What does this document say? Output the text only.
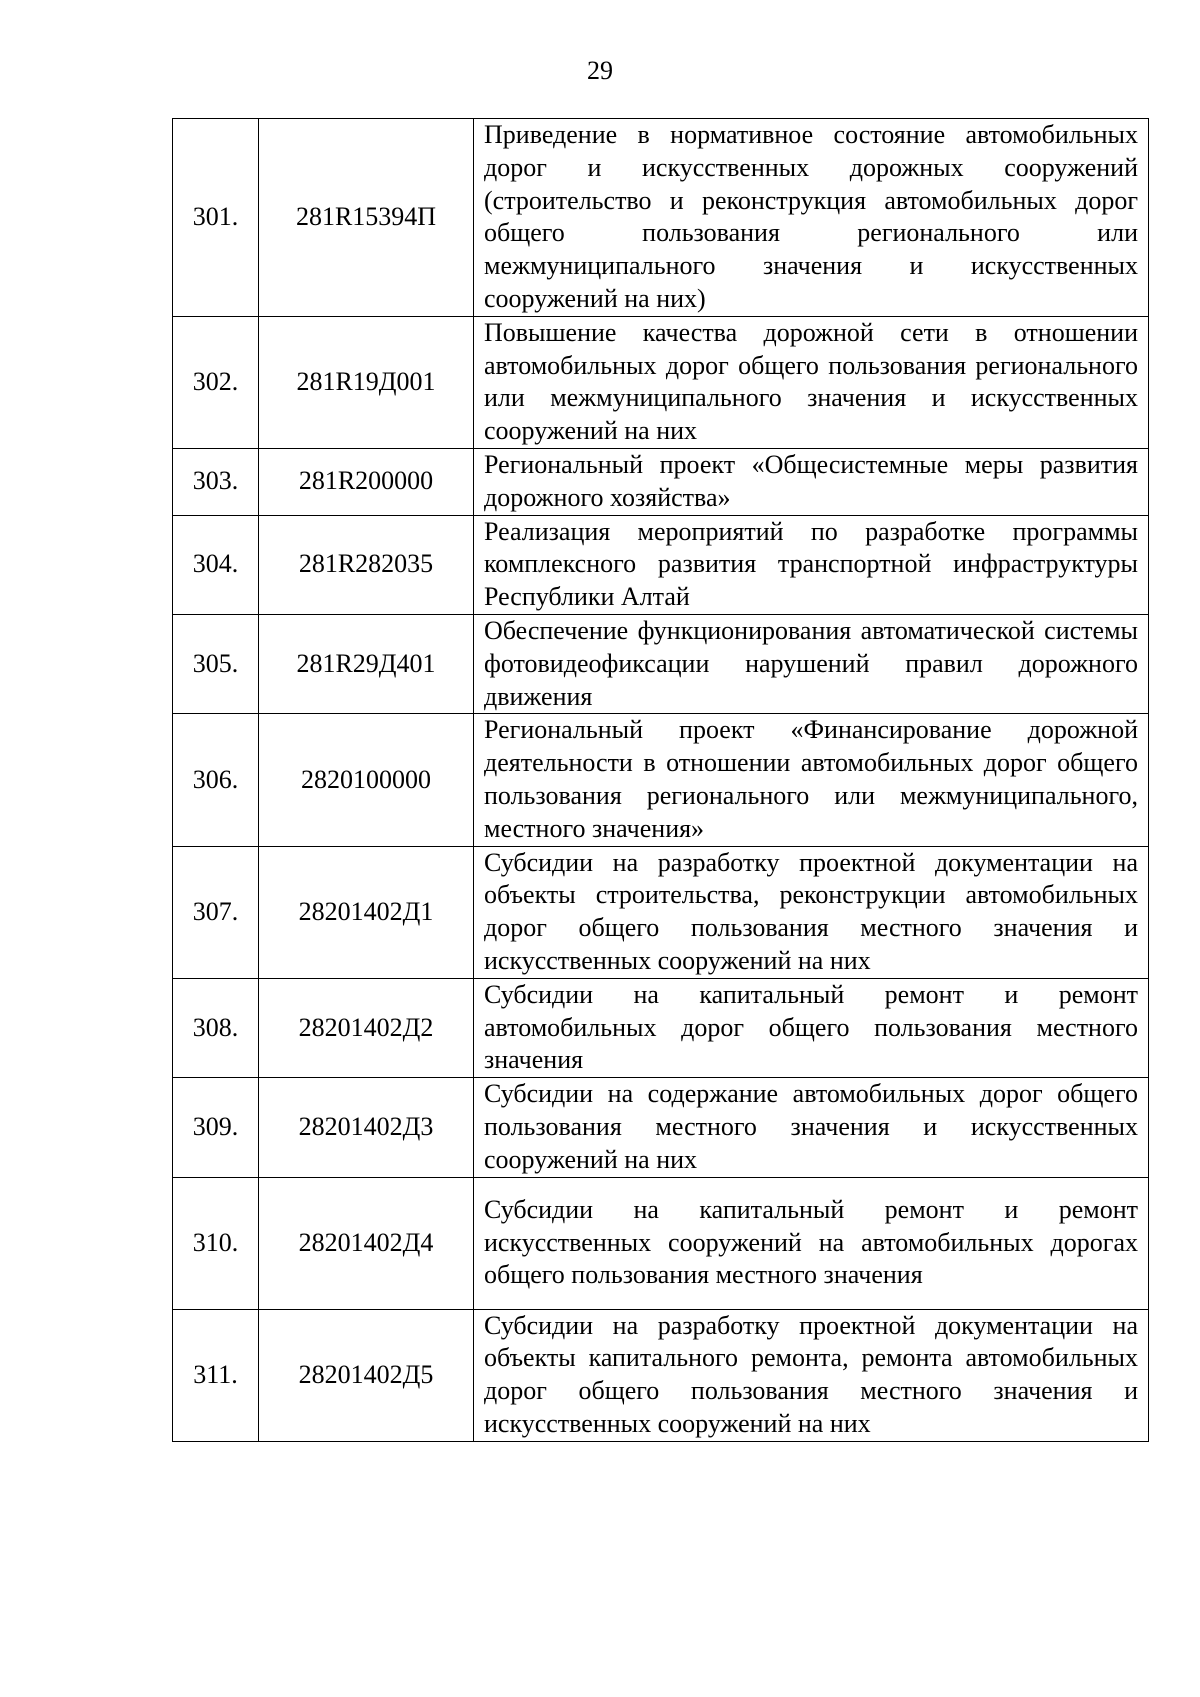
29
301.	281R15394П	Приведение в нормативное состояние автомобильных дорог и искусственных дорожных сооружений (строительство и реконструкция автомобильных дорог общего пользования регионального или межмуниципального значения и искусственных сооружений на них)
302.	281R19Д001	Повышение качества дорожной сети в отношении автомобильных дорог общего пользования регионального или межмуниципального значения и искусственных сооружений на них
303.	281R200000	Региональный проект «Общесистемные меры развития дорожного хозяйства»
304.	281R282035	Реализация мероприятий по разработке программы комплексного развития транспортной инфраструктуры Республики Алтай
305.	281R29Д401	Обеспечение функционирования автоматической системы фотовидеофиксации нарушений правил дорожного движения
306.	2820100000	Региональный проект «Финансирование дорожной деятельности в отношении автомобильных дорог общего пользования регионального или межмуниципального, местного значения»
307.	28201402Д1	Субсидии на разработку проектной документации на объекты строительства, реконструкции автомобильных дорог общего пользования местного значения и искусственных сооружений на них
308.	28201402Д2	Субсидии на капитальный ремонт и ремонт автомобильных дорог общего пользования местного значения
309.	28201402Д3	Субсидии на содержание автомобильных дорог общего пользования местного значения и искусственных сооружений на них
310.	28201402Д4	Субсидии на капитальный ремонт и ремонт искусственных сооружений на автомобильных дорогах общего пользования местного значения
311.	28201402Д5	Субсидии на разработку проектной документации на объекты капитального ремонта, ремонта автомобильных дорог общего пользования местного значения и искусственных сооружений на них
